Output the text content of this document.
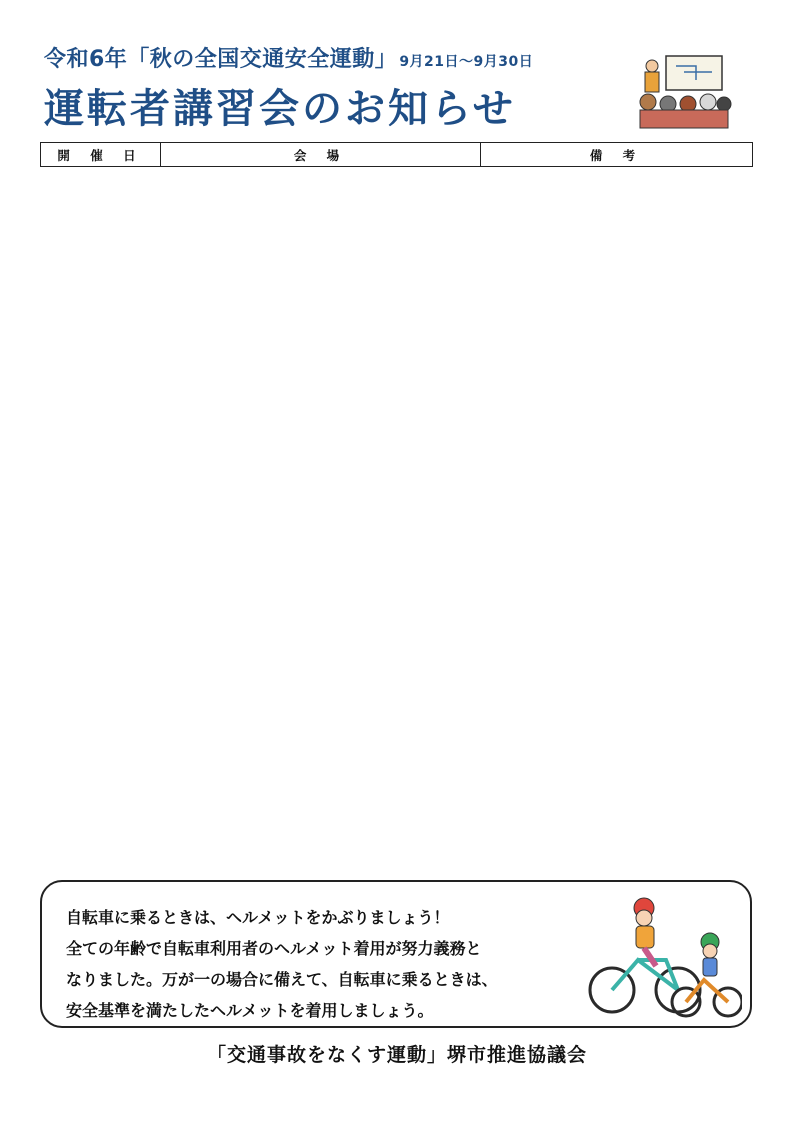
令和6年「秋の全国交通安全運動」 9月21日～9月30日
運転者講習会のお知らせ
開 催 日	会 場	備 考
自転車に乗るときは、ヘルメットをかぶりましょう！
全ての年齢で自転車利用者のヘルメット着用が努力義務と
なりました。万が一の場合に備えて、自転車に乗るときは、
安全基準を満たしたヘルメットを着用しましょう。
「交通事故をなくす運動」堺市推進協議会
